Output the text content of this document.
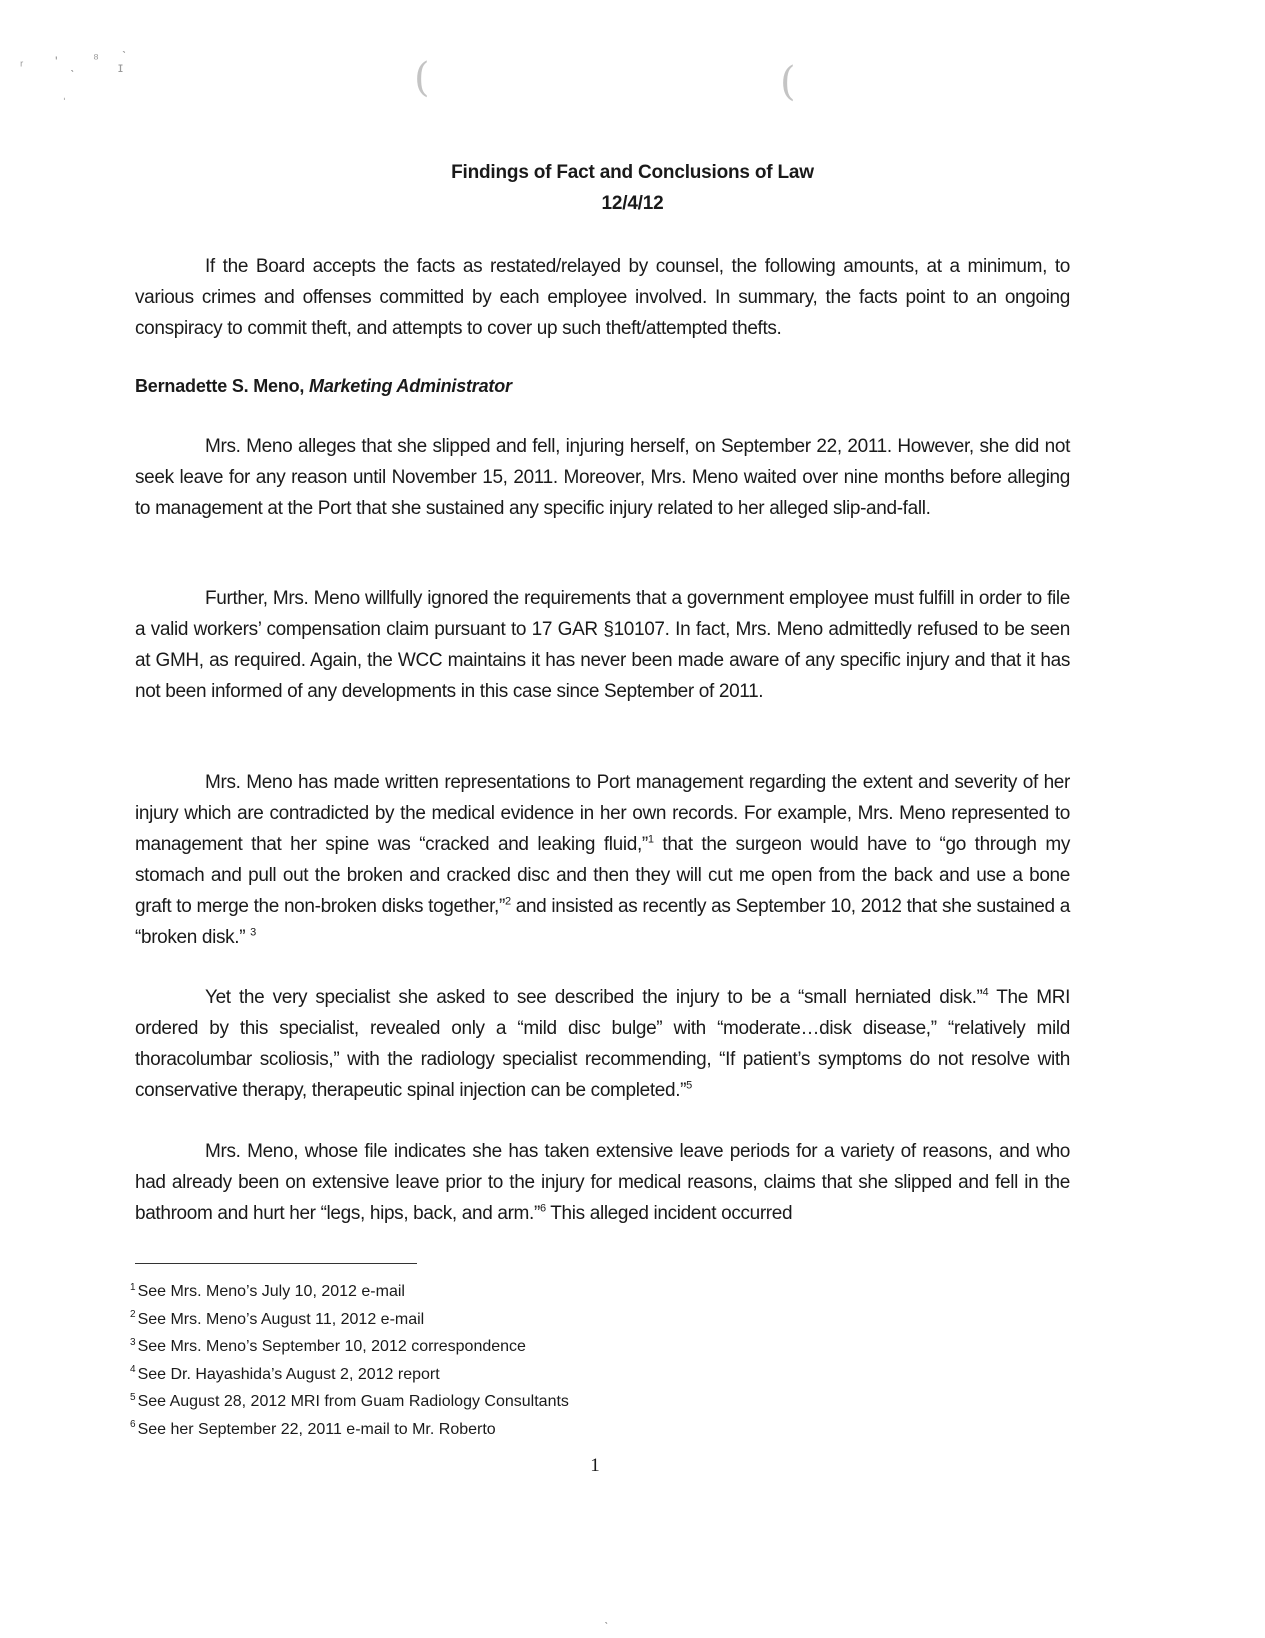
ʳ '
ˋ
⁸
ɪ
ˎ
ˈ
(	(
Findings of Fact and Conclusions of Law
12/4/12
If the Board accepts the facts as restated/relayed by counsel, the following amounts, at a minimum, to various crimes and offenses committed by each employee involved. In summary, the facts point to an ongoing conspiracy to commit theft, and attempts to cover up such theft/attempted thefts.
Bernadette S. Meno, Marketing Administrator
Mrs. Meno alleges that she slipped and fell, injuring herself, on September 22, 2011. However, she did not seek leave for any reason until November 15, 2011. Moreover, Mrs. Meno waited over nine months before alleging to management at the Port that she sustained any specific injury related to her alleged slip-and-fall.
Further, Mrs. Meno willfully ignored the requirements that a government employee must fulfill in order to file a valid workers’ compensation claim pursuant to 17 GAR §10107. In fact, Mrs. Meno admittedly refused to be seen at GMH, as required. Again, the WCC maintains it has never been made aware of any specific injury and that it has not been informed of any developments in this case since September of 2011.
Mrs. Meno has made written representations to Port management regarding the extent and severity of her injury which are contradicted by the medical evidence in her own records. For example, Mrs. Meno represented to management that her spine was “cracked and leaking fluid,”$^1$ that the surgeon would have to “go through my stomach and pull out the broken and cracked disc and then they will cut me open from the back and use a bone graft to merge the non-broken disks together,”$^2$ and insisted as recently as September 10, 2012 that she sustained a “broken disk.” $^3$
Yet the very specialist she asked to see described the injury to be a “small herniated disk.”$^4$ The MRI ordered by this specialist, revealed only a “mild disc bulge” with “moderate…disk disease,” “relatively mild thoracolumbar scoliosis,” with the radiology specialist recommending, “If patient’s symptoms do not resolve with conservative therapy, therapeutic spinal injection can be completed.”$^5$
Mrs. Meno, whose file indicates she has taken extensive leave periods for a variety of reasons, and who had already been on extensive leave prior to the injury for medical reasons, claims that she slipped and fell in the bathroom and hurt her “legs, hips, back, and arm.”$^6$ This alleged incident occurred
$^1$ See Mrs. Meno’s July 10, 2012 e-mail
$^2$ See Mrs. Meno’s August 11, 2012 e-mail
$^3$ See Mrs. Meno’s September 10, 2012 correspondence
$^4$ See Dr. Hayashida’s August 2, 2012 report
$^5$ See August 28, 2012 MRI from Guam Radiology Consultants
$^6$ See her September 22, 2011 e-mail to Mr. Roberto
1
ˋ
